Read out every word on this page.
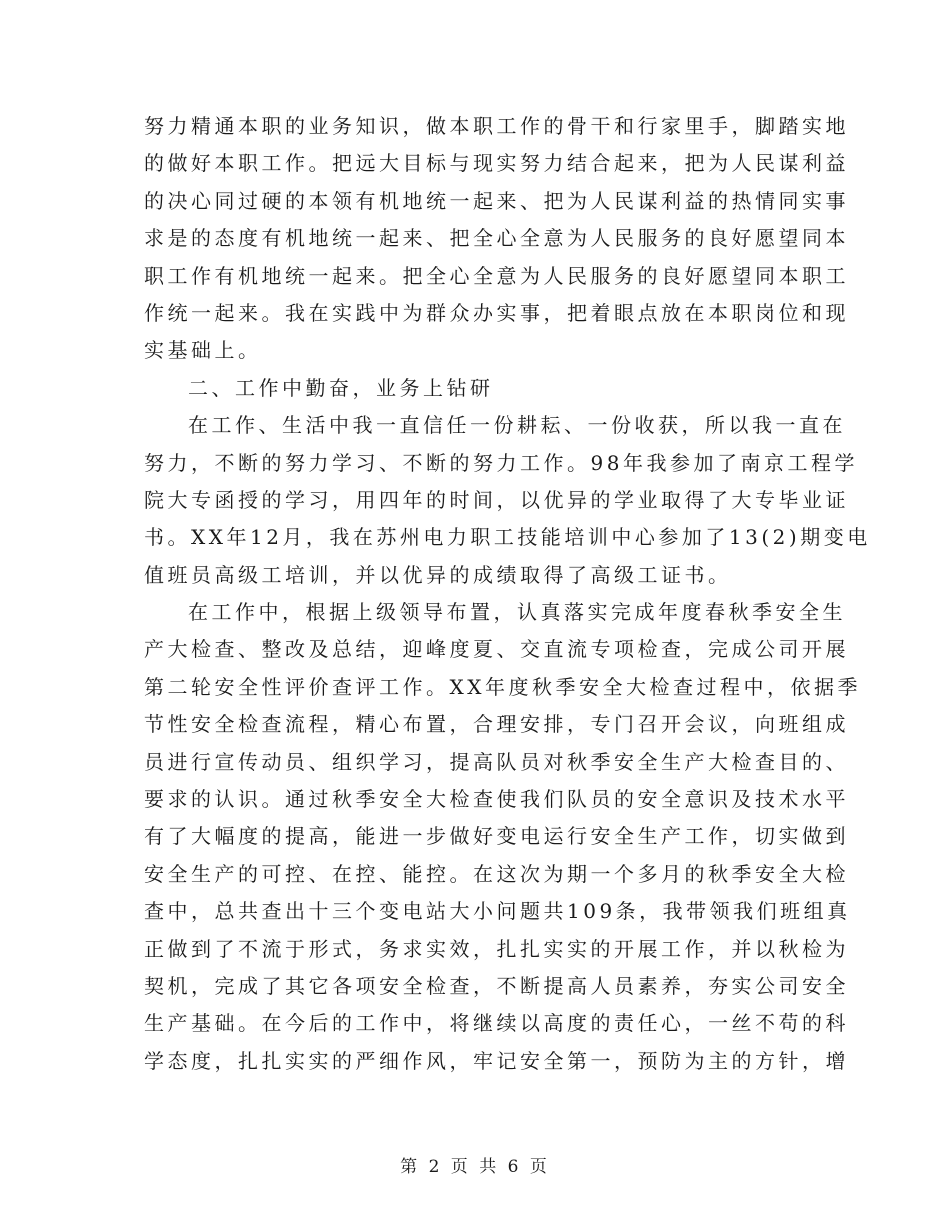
努力精通本职的业务知识，做本职工作的骨干和行家里手，脚踏实地
的做好本职工作。把远大目标与现实努力结合起来，把为人民谋利益
的决心同过硬的本领有机地统一起来、把为人民谋利益的热情同实事
求是的态度有机地统一起来、把全心全意为人民服务的良好愿望同本
职工作有机地统一起来。把全心全意为人民服务的良好愿望同本职工
作统一起来。我在实践中为群众办实事，把着眼点放在本职岗位和现
实基础上。
二、工作中勤奋，业务上钻研
在工作、生活中我一直信任一份耕耘、一份收获，所以我一直在
努力，不断的努力学习、不断的努力工作。98年我参加了南京工程学
院大专函授的学习，用四年的时间，以优异的学业取得了大专毕业证
书。XX年12月，我在苏州电力职工技能培训中心参加了13(2)期变电
值班员高级工培训，并以优异的成绩取得了高级工证书。
在工作中，根据上级领导布置，认真落实完成年度春秋季安全生
产大检查、整改及总结，迎峰度夏、交直流专项检查，完成公司开展
第二轮安全性评价查评工作。XX年度秋季安全大检查过程中，依据季
节性安全检查流程，精心布置，合理安排，专门召开会议，向班组成
员进行宣传动员、组织学习，提高队员对秋季安全生产大检查目的、
要求的认识。通过秋季安全大检查使我们队员的安全意识及技术水平
有了大幅度的提高，能进一步做好变电运行安全生产工作，切实做到
安全生产的可控、在控、能控。在这次为期一个多月的秋季安全大检
查中，总共查出十三个变电站大小问题共109条，我带领我们班组真
正做到了不流于形式，务求实效，扎扎实实的开展工作，并以秋检为
契机，完成了其它各项安全检查，不断提高人员素养，夯实公司安全
生产基础。在今后的工作中，将继续以高度的责任心，一丝不苟的科
学态度，扎扎实实的严细作风，牢记安全第一，预防为主的方针，增
第 2 页 共 6 页
